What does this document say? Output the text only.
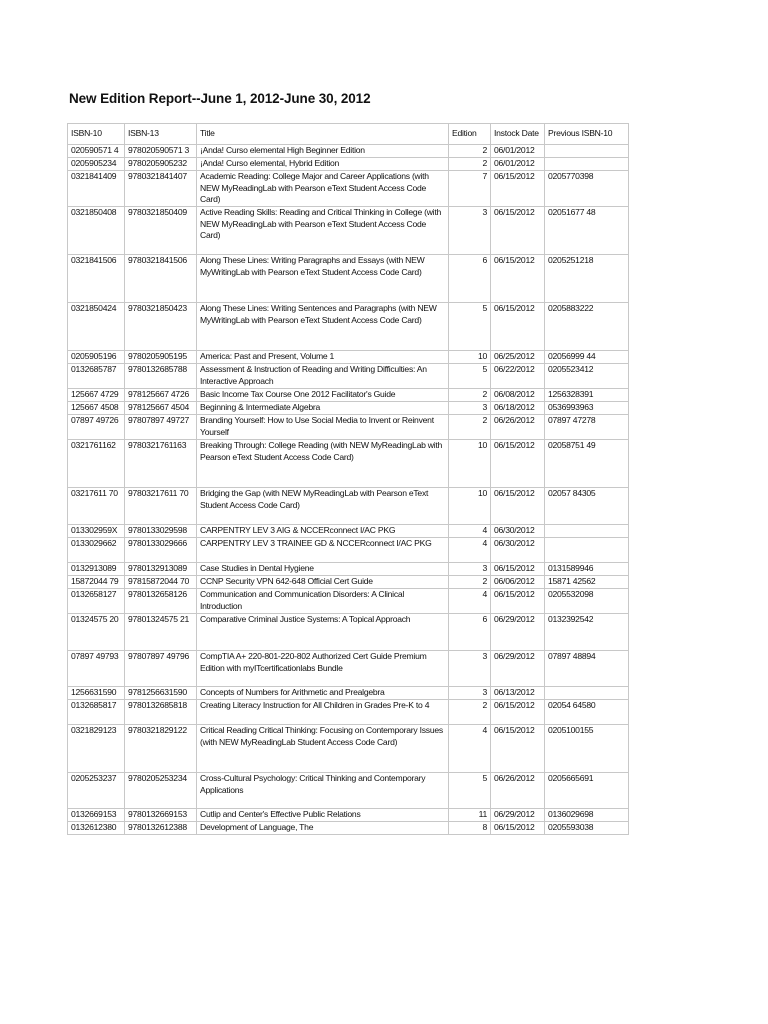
New Edition Report--June 1, 2012-June 30, 2012
ISBN-10	ISBN-13	Title	Edition	Instock Date	Previous ISBN-10
020590571 4	978020590571 3	¡Anda! Curso elemental High Beginner Edition	2	06/01/2012	
0205905234	9780205905232	¡Anda! Curso elemental, Hybrid Edition	2	06/01/2012	
0321841409	9780321841407	Academic Reading: College Major and Career Applications (with NEW MyReadingLab with Pearson eText Student Access Code Card)	7	06/15/2012	0205770398
0321850408	9780321850409	Active Reading Skills: Reading and Critical Thinking in College (with NEW MyReadingLab with Pearson eText Student Access Code Card)	3	06/15/2012	02051677 48
0321841506	9780321841506	Along These Lines: Writing Paragraphs and Essays (with NEW MyWritingLab with Pearson eText Student Access Code Card)	6	06/15/2012	0205251218
0321850424	9780321850423	Along These Lines: Writing Sentences and Paragraphs (with NEW MyWritingLab with Pearson eText Student Access Code Card)	5	06/15/2012	0205883222
0205905196	9780205905195	America: Past and Present, Volume 1	10	06/25/2012	02056999 44
0132685787	9780132685788	Assessment & Instruction of Reading and Writing Difficulties: An Interactive Approach	5	06/22/2012	0205523412
125667 4729	978125667 4726	Basic Income Tax Course One 2012 Facilitator's Guide	2	06/08/2012	1256328391
125667 4508	978125667 4504	Beginning & Intermediate Algebra	3	06/18/2012	0536993963
07897 49726	97807897 49727	Branding Yourself: How to Use Social Media to Invent or Reinvent Yourself	2	06/26/2012	07897 47278
0321761162	9780321761163	Breaking Through: College Reading (with NEW MyReadingLab with Pearson eText Student Access Code Card)	10	06/15/2012	02058751 49
03217611 70	97803217611 70	Bridging the Gap (with NEW MyReadingLab with Pearson eText Student Access Code Card)	10	06/15/2012	02057 84305
013302959X	9780133029598	CARPENTRY LEV 3 AIG & NCCERconnect I/AC PKG	4	06/30/2012	
0133029662	9780133029666	CARPENTRY LEV 3 TRAINEE GD & NCCERconnect I/AC PKG	4	06/30/2012	
0132913089	9780132913089	Case Studies in Dental Hygiene	3	06/15/2012	0131589946
15872044 79	97815872044 70	CCNP Security VPN 642-648 Official Cert Guide	2	06/06/2012	15871 42562
0132658127	9780132658126	Communication and Communication Disorders: A Clinical Introduction	4	06/15/2012	0205532098
01324575 20	97801324575 21	Comparative Criminal Justice Systems: A Topical Approach	6	06/29/2012	0132392542
07897 49793	97807897 49796	CompTIA A+ 220-801-220-802 Authorized Cert Guide Premium Edition with myITcertificationlabs Bundle	3	06/29/2012	07897 48894
1256631590	9781256631590	Concepts of Numbers for Arithmetic and Prealgebra	3	06/13/2012	
0132685817	9780132685818	Creating Literacy Instruction for All Children in Grades Pre-K to 4	2	06/15/2012	02054 64580
0321829123	9780321829122	Critical Reading Critical Thinking: Focusing on Contemporary Issues (with NEW MyReadingLab Student Access Code Card)	4	06/15/2012	0205100155
0205253237	9780205253234	Cross-Cultural Psychology: Critical Thinking and Contemporary Applications	5	06/26/2012	0205665691
0132669153	9780132669153	Cutlip and Center's Effective Public Relations	11	06/29/2012	0136029698
0132612380	9780132612388	Development of Language, The	8	06/15/2012	0205593038
